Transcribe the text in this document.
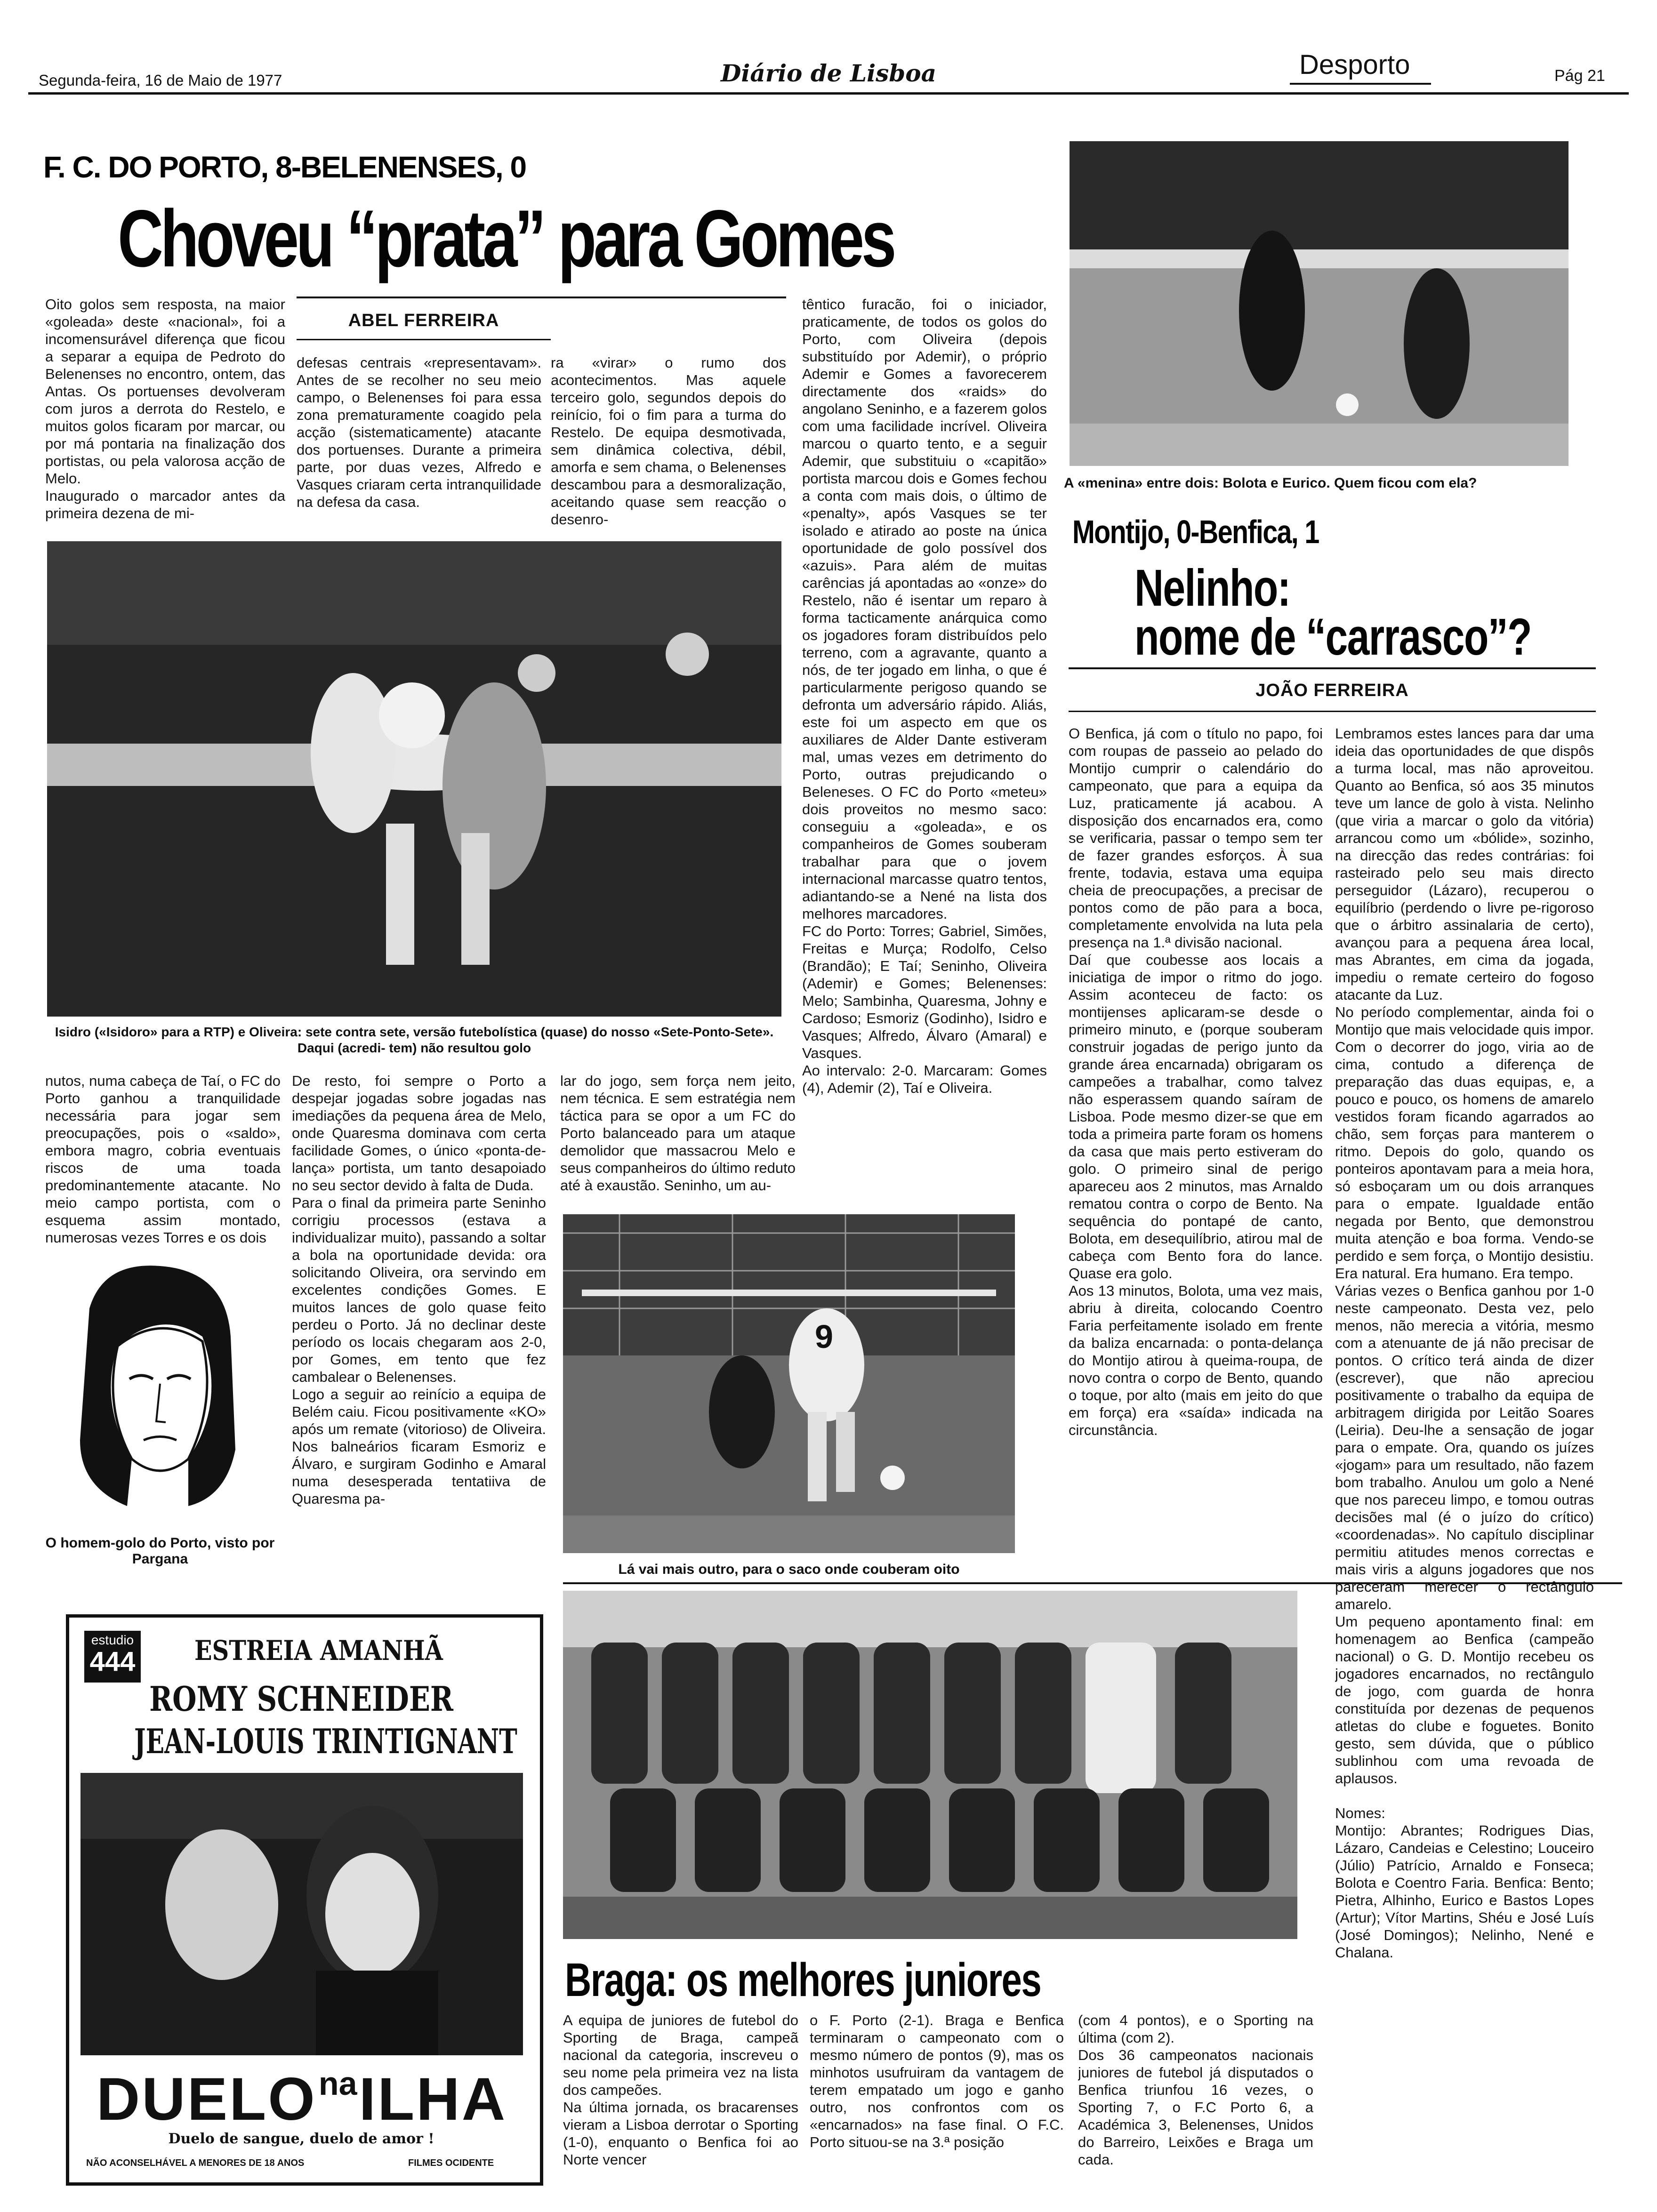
Segunda-feira, 16 de Maio de 1977	Diário de Lisboa	Desporto	Pág 21
F. C. DO PORTO, 8-BELENENSES, 0
Choveu “prata” para Gomes
Oito golos sem resposta, na maior «goleada» deste «nacional», foi a incomensurável diferença que ficou a separar a equipa de Pedroto do Belenenses no encontro, ontem, das Antas. Os portuenses devolveram com juros a derrota do Restelo, e muitos golos ficaram por marcar, ou por má pontaria na finalização dos portistas, ou pela valorosa acção de Melo.
Inaugurado o marcador antes da primeira dezena de mi-
ABEL FERREIRA
defesas centrais «representavam». Antes de se recolher no seu meio campo, o Belenenses foi para essa zona prematuramente coagido pela acção (sistematicamente) atacante dos portuenses. Durante a primeira parte, por duas vezes, Alfredo e Vasques criaram certa intranquilidade na defesa da casa.
ra «virar» o rumo dos acontecimentos. Mas aquele terceiro golo, segundos depois do reinício, foi o fim para a turma do Restelo. De equipa desmotivada, sem dinâmica colectiva, débil, amorfa e sem chama, o Belenenses descambou para a desmoralização, aceitando quase sem reacção o desenro-
têntico furacão, foi o iniciador, praticamente, de todos os golos do Porto, com Oliveira (depois substituído por Ademir), o próprio Ademir e Gomes a favorecerem directamente dos «raids» do angolano Seninho, e a fazerem golos com uma facilidade incrível. Oliveira marcou o quarto tento, e a seguir Ademir, que substituiu o «capitão» portista marcou dois e Gomes fechou a conta com mais dois, o último de «penalty», após Vasques se ter isolado e atirado ao poste na única oportunidade de golo possível dos «azuis». Para além de muitas carências já apontadas ao «onze» do Restelo, não é isentar um reparo à forma tacticamente anárquica como os jogadores foram distribuídos pelo terreno, com a agravante, quanto a nós, de ter jogado em linha, o que é particularmente perigoso quando se defronta um adversário rápido. Aliás, este foi um aspecto em que os auxiliares de Alder Dante estiveram mal, umas vezes em detrimento do Porto, outras prejudicando o Beleneses. O FC do Porto «meteu» dois proveitos no mesmo saco: conseguiu a «goleada», e os companheiros de Gomes souberam trabalhar para que o jovem internacional marcasse quatro tentos, adiantando-se a Nené na lista dos melhores marcadores.
FC do Porto: Torres; Gabriel, Simões, Freitas e Murça; Rodolfo, Celso (Brandão); E Taí; Seninho, Oliveira (Ademir) e Gomes; Belenenses: Melo; Sambinha, Quaresma, Johny e Cardoso; Esmoriz (Godinho), Isidro e Vasques; Alfredo, Álvaro (Amaral) e Vasques.
Ao intervalo: 2-0. Marcaram: Gomes (4), Ademir (2), Taí e Oliveira.
Isidro («Isidoro» para a RTP) e Oliveira: sete contra sete, versão futebolística (quase) do nosso «Sete-Ponto-Sete». Daqui (acredi- tem) não resultou golo
nutos, numa cabeça de Taí, o FC do Porto ganhou a tranquilidade necessária para jogar sem preocupações, pois o «saldo», embora magro, cobria eventuais riscos de uma toada predominantemente atacante. No meio campo portista, com o esquema assim montado, numerosas vezes Torres e os dois
De resto, foi sempre o Porto a despejar jogadas sobre jogadas nas imediações da pequena área de Melo, onde Quaresma dominava com certa facilidade Gomes, o único «ponta-de-lança» portista, um tanto desapoiado no seu sector devido à falta de Duda.
Para o final da primeira parte Seninho corrigiu processos (estava a individualizar muito), passando a soltar a bola na oportunidade devida: ora solicitando Oliveira, ora servindo em excelentes condições Gomes. E muitos lances de golo quase feito perdeu o Porto. Já no declinar deste período os locais chegaram aos 2-0, por Gomes, em tento que fez cambalear o Belenenses.
Logo a seguir ao reinício a equipa de Belém caiu. Ficou positivamente «KO» após um remate (vitorioso) de Oliveira. Nos balneários ficaram Esmoriz e Álvaro, e surgiram Godinho e Amaral numa desesperada tentatiiva de Quaresma pa-
lar do jogo, sem força nem jeito, nem técnica. E sem estratégia nem táctica para se opor a um FC do Porto balanceado para um ataque demolidor que massacrou Melo e seus companheiros do último reduto até à exaustão. Seninho, um au-
O homem-golo do Porto, visto por Pargana
9
Lá vai mais outro, para o saco onde couberam oito
A «menina» entre dois: Bolota e Eurico. Quem ficou com ela?
Montijo, 0-Benfica, 1
Nelinho:
nome de “carrasco”?
JOÃO FERREIRA
O Benfica, já com o título no papo, foi com roupas de passeio ao pelado do Montijo cumprir o calendário do campeonato, que para a equipa da Luz, praticamente já acabou. A disposição dos encarnados era, como se verificaria, passar o tempo sem ter de fazer grandes esforços. À sua frente, todavia, estava uma equipa cheia de preocupações, a precisar de pontos como de pão para a boca, completamente envolvida na luta pela presença na 1.ª divisão nacional.
Daí que coubesse aos locais a iniciatiga de impor o ritmo do jogo. Assim aconteceu de facto: os montijenses aplicaram-se desde o primeiro minuto, e (porque souberam construir jogadas de perigo junto da grande área encarnada) obrigaram os campeões a trabalhar, como talvez não esperassem quando saíram de Lisboa. Pode mesmo dizer-se que em toda a primeira parte foram os homens da casa que mais perto estiveram do golo. O primeiro sinal de perigo apareceu aos 2 minutos, mas Arnaldo rematou contra o corpo de Bento. Na sequência do pontapé de canto, Bolota, em desequilíbrio, atirou mal de cabeça com Bento fora do lance. Quase era golo.
Aos 13 minutos, Bolota, uma vez mais, abriu à direita, colocando Coentro Faria perfeitamente isolado em frente da baliza encarnada: o ponta-delança do Montijo atirou à queima-roupa, de novo contra o corpo de Bento, quando o toque, por alto (mais em jeito do que em força) era «saída» indicada na circunstância.
Lembramos estes lances para dar uma ideia das oportunidades de que dispôs a turma local, mas não aproveitou. Quanto ao Benfica, só aos 35 minutos teve um lance de golo à vista. Nelinho (que viria a marcar o golo da vitória) arrancou como um «bólide», sozinho, na direcção das redes contrárias: foi rasteirado pelo seu mais directo perseguidor (Lázaro), recuperou o equilíbrio (perdendo o livre pe-rigoroso que o árbitro assinalaria de certo), avançou para a pequena área local, mas Abrantes, em cima da jogada, impediu o remate certeiro do fogoso atacante da Luz.
No período complementar, ainda foi o Montijo que mais velocidade quis impor. Com o decorrer do jogo, viria ao de cima, contudo a diferença de preparação das duas equipas, e, a pouco e pouco, os homens de amarelo vestidos foram ficando agarrados ao chão, sem forças para manterem o ritmo. Depois do golo, quando os ponteiros apontavam para a meia hora, só esboçaram um ou dois arranques para o empate. Igualdade então negada por Bento, que demonstrou muita atenção e boa forma. Vendo-se perdido e sem força, o Montijo desistiu. Era natural. Era humano. Era tempo.
Várias vezes o Benfica ganhou por 1-0 neste campeonato. Desta vez, pelo menos, não merecia a vitória, mesmo com a atenuante de já não precisar de pontos. O crítico terá ainda de dizer (escrever), que não apreciou positivamente o trabalho da equipa de arbitragem dirigida por Leitão Soares (Leiria). Deu-lhe a sensação de jogar para o empate. Ora, quando os juízes «jogam» para um resultado, não fazem bom trabalho. Anulou um golo a Nené que nos pareceu limpo, e tomou outras decisões mal (é o juízo do crítico) «coordenadas». No capítulo disciplinar permitiu atitudes menos correctas e mais viris a alguns jogadores que nos pareceram merecer o rectângulo amarelo.
Um pequeno apontamento final: em homenagem ao Benfica (campeão nacional) o G. D. Montijo recebeu os jogadores encarnados, no rectângulo de jogo, com guarda de honra constituída por dezenas de pequenos atletas do clube e foguetes. Bonito gesto, sem dúvida, que o público sublinhou com uma revoada de aplausos.

Nomes:
Montijo: Abrantes; Rodrigues Dias, Lázaro, Candeias e Celestino; Louceiro (Júlio) Patrício, Arnaldo e Fonseca; Bolota e Coentro Faria. Benfica: Bento; Pietra, Alhinho, Eurico e Bastos Lopes (Artur); Vítor Martins, Shéu e José Luís (José Domingos); Nelinho, Nené e Chalana.
Braga: os melhores juniores
A equipa de juniores de futebol do Sporting de Braga, campeã nacional da categoria, inscreveu o seu nome pela primeira vez na lista dos campeões.
Na última jornada, os bracarenses vieram a Lisboa derrotar o Sporting (1-0), enquanto o Benfica foi ao Norte vencer
o F. Porto (2-1). Braga e Benfica terminaram o campeonato com o mesmo número de pontos (9), mas os minhotos usufruiram da vantagem de terem empatado um jogo e ganho outro, nos confrontos com os «encarnados» na fase final. O F.C. Porto situou-se na 3.ª posição
(com 4 pontos), e o Sporting na última (com 2).
Dos 36 campeonatos nacionais juniores de futebol já disputados o Benfica triunfou 16 vezes, o Sporting 7, o F.C Porto 6, a Académica 3, Belenenses, Unidos do Barreiro, Leixões e Braga um cada.
estudio
444	ESTREIA AMANHÃ
ROMY SCHNEIDER
JEAN-LOUIS TRINTIGNANT
DUELO na ILHA
Duelo de sangue, duelo de amor !
NÃO ACONSELHÁVEL A MENORES DE 18 ANOS	FILMES OCIDENTE
